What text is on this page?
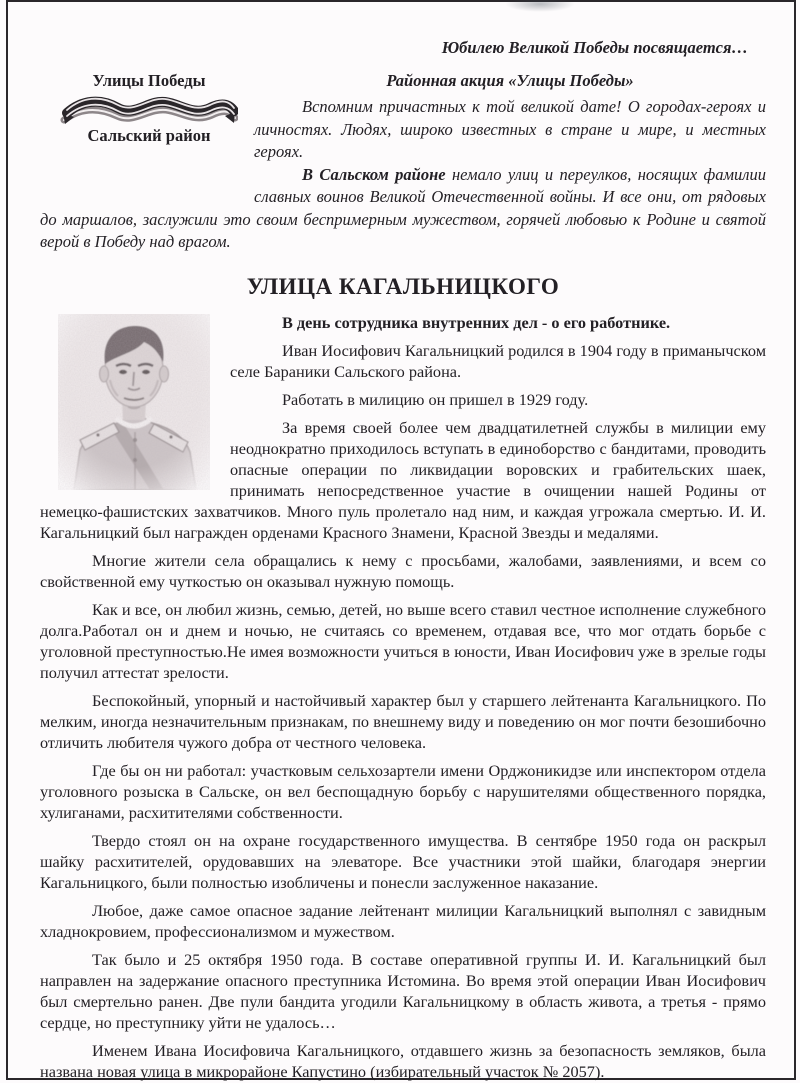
Юбилею Великой Победы посвящается…

Улицы Победы
Сальский район

Районная акция «Улицы Победы»

Вспомним причастных к той великой дате! О городах-героях и личностях. Людях, широко известных в стране и мире, и местных героях.

В Сальском районе немало улиц и переулков, носящих фамилии славных воинов Великой Отечественной войны. И все они, от рядовых до маршалов, заслужили это своим беспримерным мужеством, горячей любовью к Родине и святой верой в Победу над врагом.

УЛИЦА КАГАЛЬНИЦКОГО

В день сотрудника внутренних дел - о его работнике.

Иван Иосифович Кагальницкий родился в 1904 году в приманычском селе Бараники Сальского района.

Работать в милицию он пришел в 1929 году.

За время своей более чем двадцатилетней службы в милиции ему неоднократно приходилось вступать в единоборство с бандитами, проводить опасные операции по ликвидации воровских и грабительских шаек, принимать непосредственное участие в очищении нашей Родины от немецко-фашистских захватчиков. Много пуль пролетало над ним, и каждая угрожала смертью. И. И. Кагальницкий был награжден орденами Красного Знамени, Красной Звезды и медалями.

Многие жители села обращались к нему с просьбами, жалобами, заявлениями, и всем со свойственной ему чуткостью он оказывал нужную помощь.

Как и все, он любил жизнь, семью, детей, но выше всего ставил честное исполнение служебного долга.Работал он и днем и ночью, не считаясь со временем, отдавая все, что мог отдать борьбе с уголовной преступностью.Не имея возможности учиться в юности, Иван Иосифович уже в зрелые годы получил аттестат зрелости.

Беспокойный, упорный и настойчивый характер был у старшего лейтенанта Кагальницкого. По мелким, иногда незначительным признакам, по внешнему виду и поведению он мог почти безошибочно отличить любителя чужого добра от честного человека.

Где бы он ни работал: участковым сельхозартели имени Орджоникидзе или инспектором отдела уголовного розыска в Сальске, он вел беспощадную борьбу с нарушителями общественного порядка, хулиганами, расхитителями собственности.

Твердо стоял он на охране государственного имущества. В сентябре 1950 года он раскрыл шайку расхитителей, орудовавших на элеваторе. Все участники этой шайки, благодаря энергии Кагальницкого, были полностью изобличены и понесли заслуженное наказание.

Любое, даже самое опасное задание лейтенант милиции Кагальницкий выполнял с завидным хладнокровием, профессионализмом и мужеством.

Так было и 25 октября 1950 года. В составе оперативной группы И. И. Кагальницкий был направлен на задержание опасного преступника Истомина. Во время этой операции Иван Иосифович был смертельно ранен. Две пули бандита угодили Кагальницкому в область живота, а третья - прямо сердце, но преступнику уйти не удалось…

Именем Ивана Иосифовича Кагальницкого, отдавшего жизнь за безопасность земляков, была названа новая улица в микрорайоне Капустино (избирательный участок № 2057).
